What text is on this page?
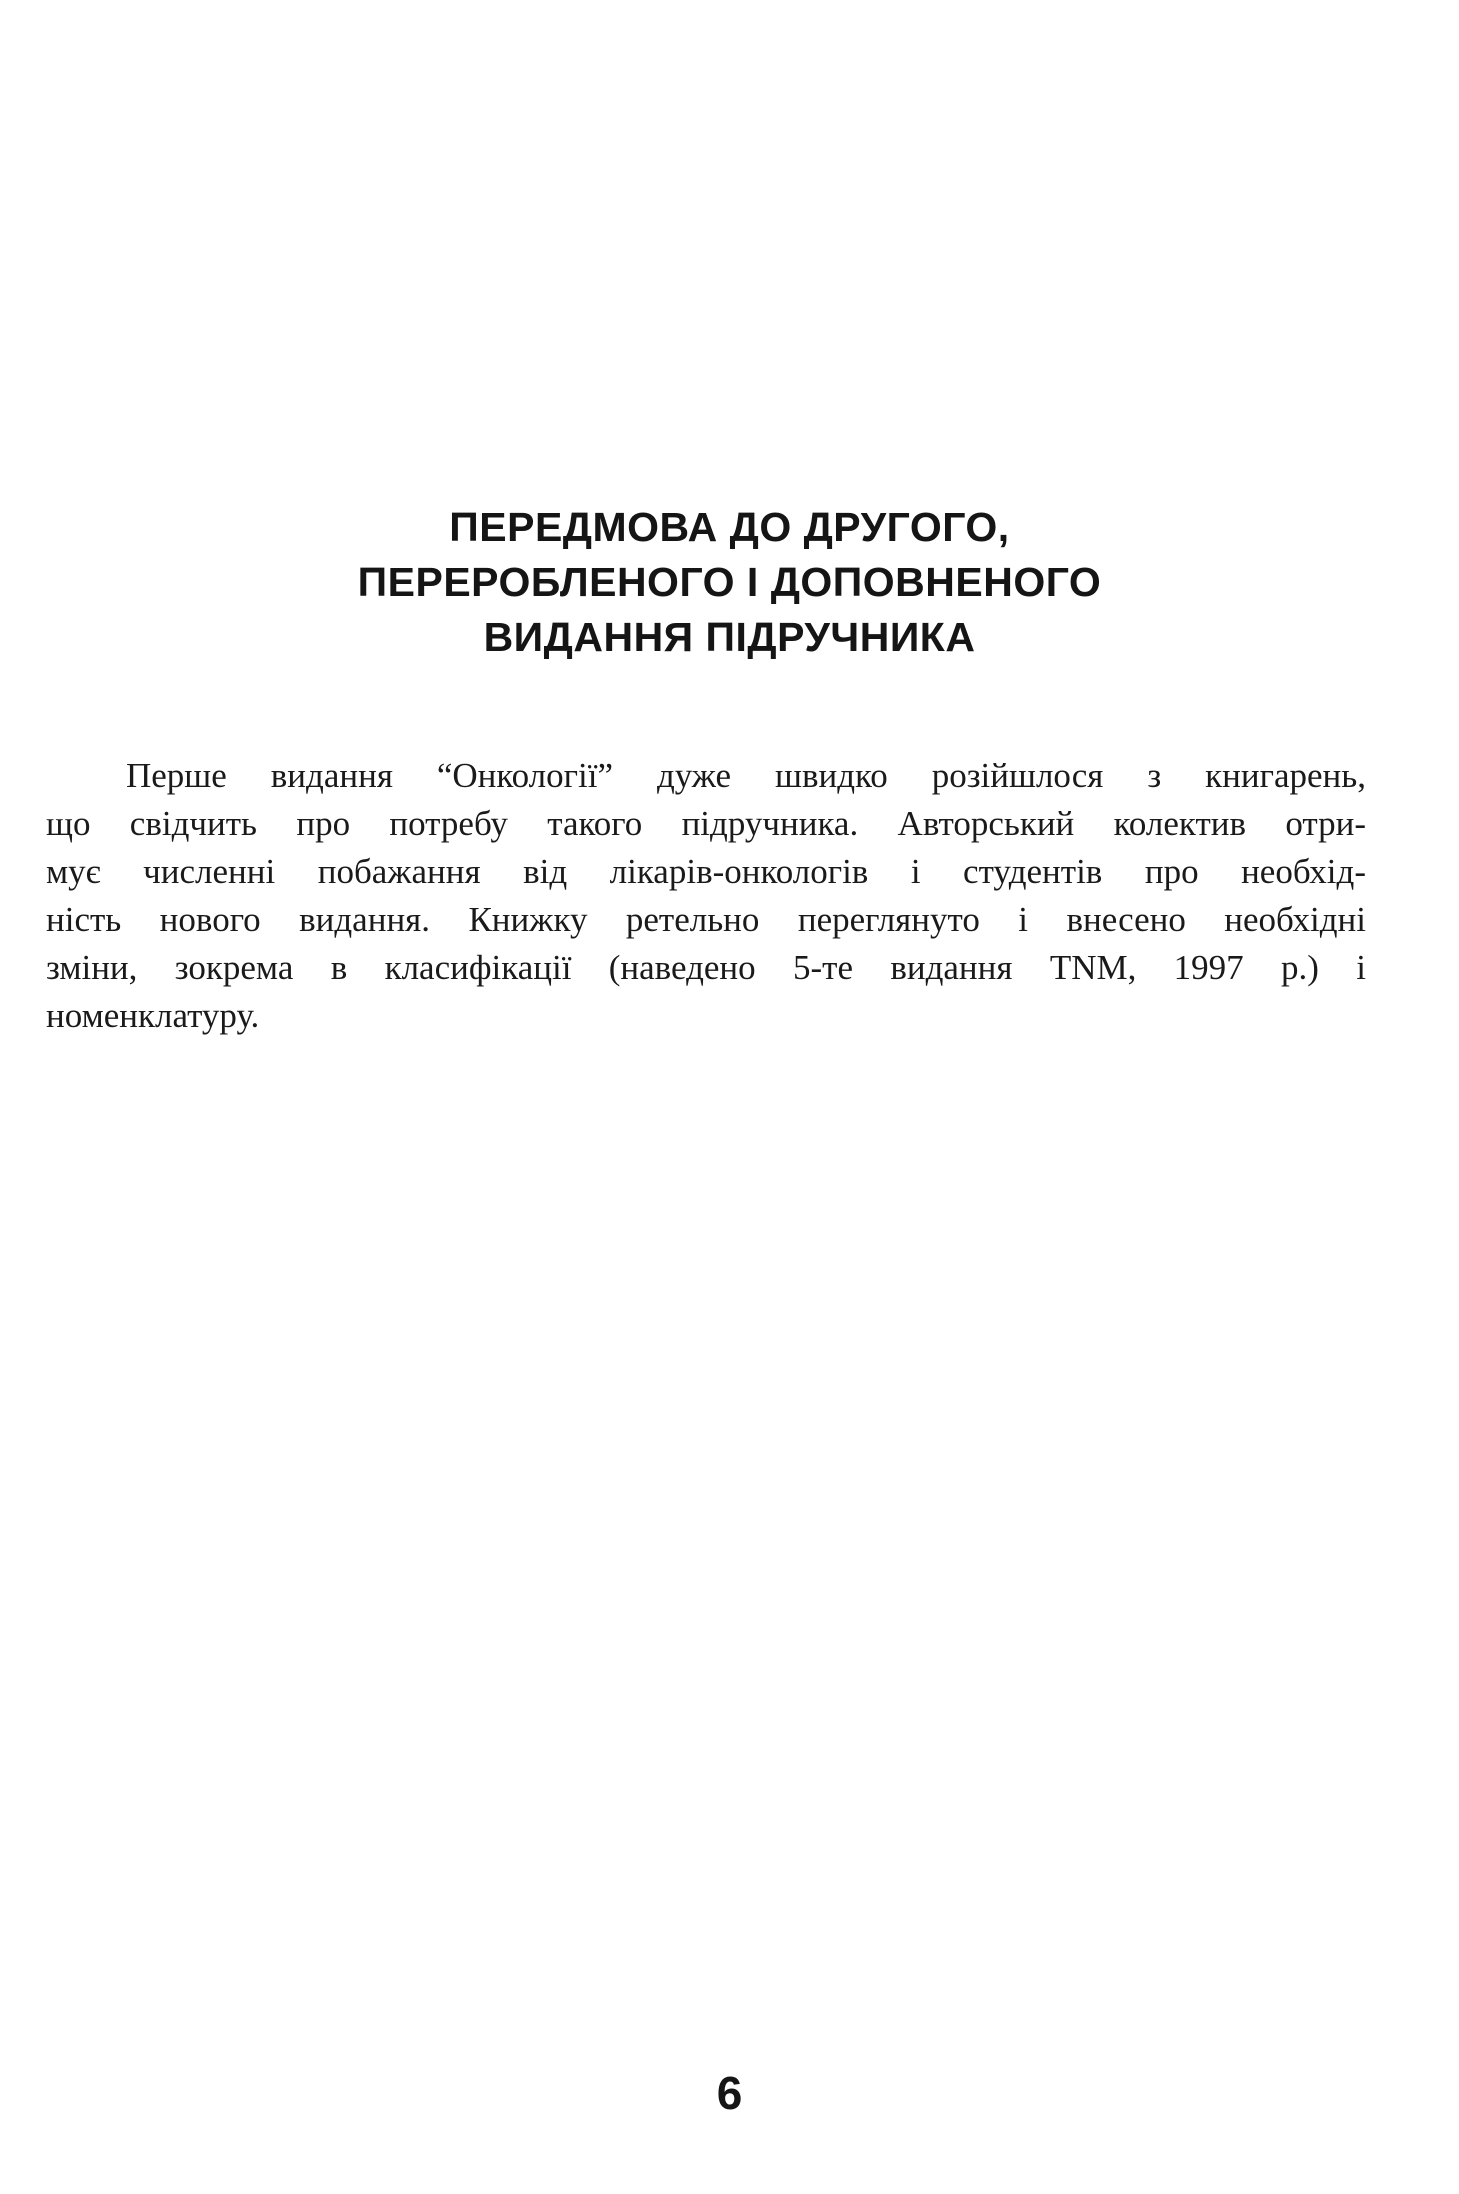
ПЕРЕДМОВА ДО ДРУГОГО,
ПЕРЕРОБЛЕНОГО І ДОПОВНЕНОГО
ВИДАННЯ ПІДРУЧНИКА
Перше видання “Онкології” дуже швидко розійшлося з книгарень,
що свідчить про потребу такого підручника. Авторський колектив отри-
мує численні побажання від лікарів-онкологів і студентів про необхід-
ність нового видання. Книжку ретельно переглянуто і внесено необхідні
зміни, зокрема в класифікації (наведено 5-те видання TNM, 1997 р.) і
номенклатуру.
6
